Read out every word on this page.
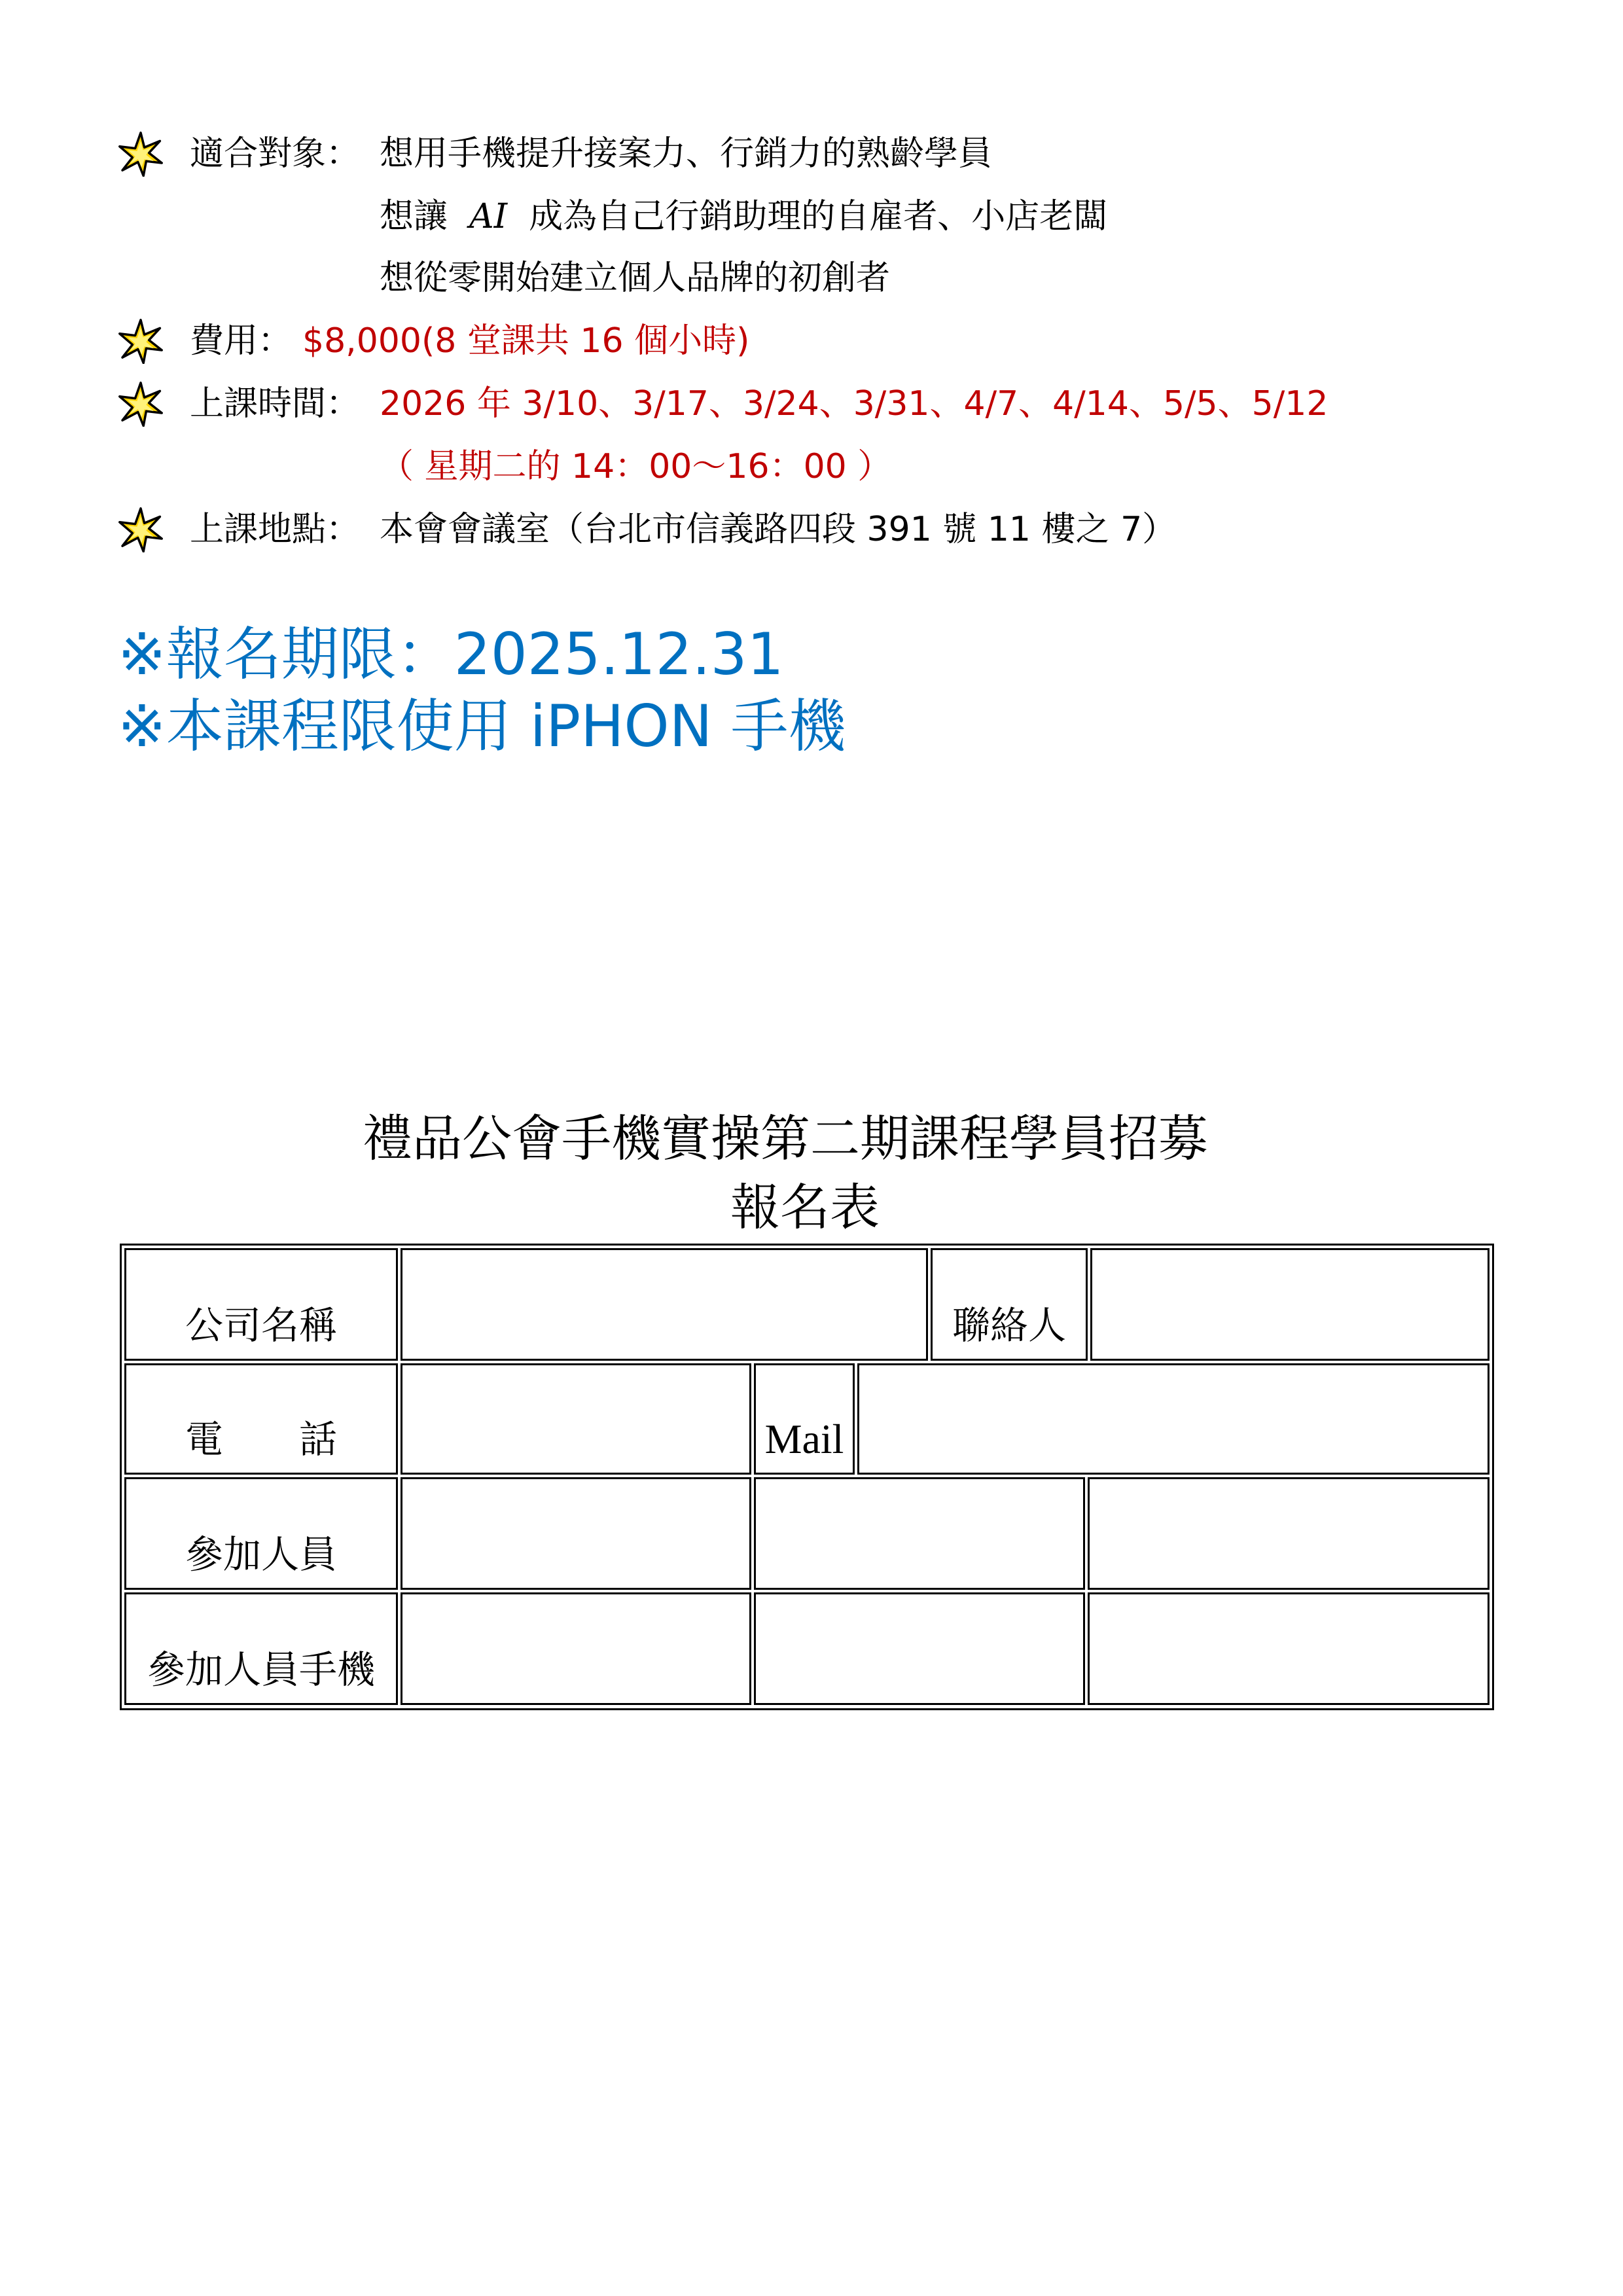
適合對象： 想用手機提升接案力、行銷力的熟齡學員
想讓 AI 成為自己行銷助理的自雇者、小店老闆
想從零開始建立個人品牌的初創者
費用： $8,000(8 堂課共 16 個小時)
上課時間： 2026 年 3/10、3/17、3/24、3/31、4/7、4/14、5/5、5/12
（ 星期二的 14：00～16：00 ）
上課地點： 本會會議室（台北市信義路四段 391 號 11 樓之 7）
※報名期限：2025.12.31
※本課程限使用 iPHON 手機
禮品公會手機實操第二期課程學員招募
報名表
公司名稱	聯絡人
電　　話	Mail
參加人員
參加人員手機
